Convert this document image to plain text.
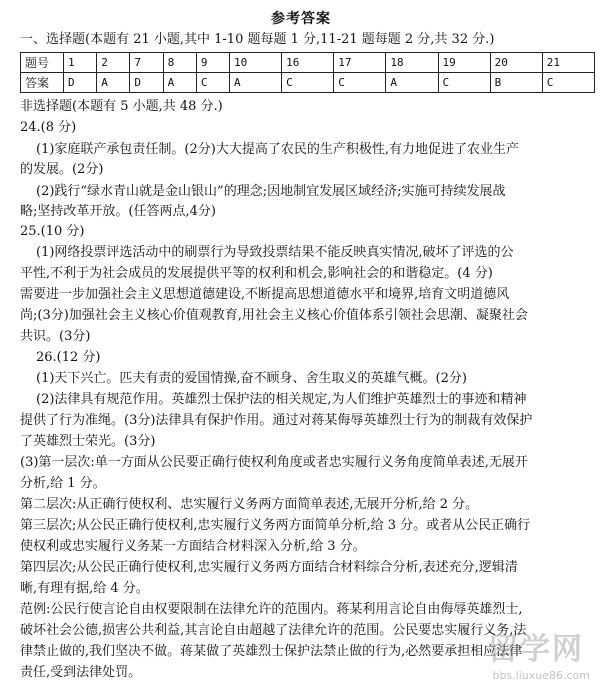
参考答案
一、选择题(本题有 21 小题,其中 1-10 题每题 1 分,11-21 题每题 2 分,共 32 分.)
题号	1	2	7	8	9	10	16	17	18	19	20	21
答案	D	A	D	A	C	A	C	C	A	C	B	C
非选择题(本题有 5 小题,共 48 分.)
24.(8 分)
(1)家庭联产承包责任制。(2分)大大提高了农民的生产积极性,有力地促进了农业生产
的发展。(2分)
(2)践行“绿水青山就是金山银山”的理念;因地制宜发展区域经济;实施可持续发展战
略;坚持改革开放。(任答两点,4分)
25.(10 分)
(1)网络投票评选活动中的刷票行为导致投票结果不能反映真实情况,破坏了评选的公
平性,不利于为社会成员的发展提供平等的权利和机会,影响社会的和谐稳定。(4 分)
需要进一步加强社会主义思想道德建设,不断提高思想道德水平和境界,培育文明道德风
尚;(3分)加强社会主义核心价值观教育,用社会主义核心价值体系引领社会思潮、凝聚社会
共识。(3分)
26.(12 分)
(1)天下兴亡。匹夫有责的爱国情操,奋不顾身、舍生取义的英雄气概。(2分)
(2)法律具有规范作用。英雄烈士保护法的相关规定,为人们维护英雄烈士的事迹和精神
提供了行为准绳。(3分)法律具有保护作用。通过对蒋某侮辱英雄烈士行为的制裁有效保护
了英雄烈士荣光。(3分)
(3)第一层次:单一方面从公民要正确行使权利角度或者忠实履行义务角度简单表述,无展开
分析,给 1 分。
第二层次:从正确行使权利、忠实履行义务两方面简单表述,无展开分析,给 2 分。
第三层次;从公民正确行使权利,忠实履行义务两方面简单分析,给 3 分。或者从公民正确行
使权利或忠实履行义务某一方面结合材料深入分析,给 3 分。
第四层次;从公民正确行使权利,忠实履行义务两方面结合材料综合分析,表述充分,逻辑清
晰,有理有据,给 4 分。
范例:公民行使言论自由权要限制在法律允许的范围内。蒋某利用言论自由侮辱英雄烈士,
破坏社会公德,损害公共利益,其言论自由超越了法律允许的范围。公民要忠实履行义务,法
律禁止做的,我们坚决不做。蒋某做了英雄烈士保护法禁止做的行为,必然要承担相应法律
责任,受到法律处罚。
留学网
bbs.liuxue86.com
